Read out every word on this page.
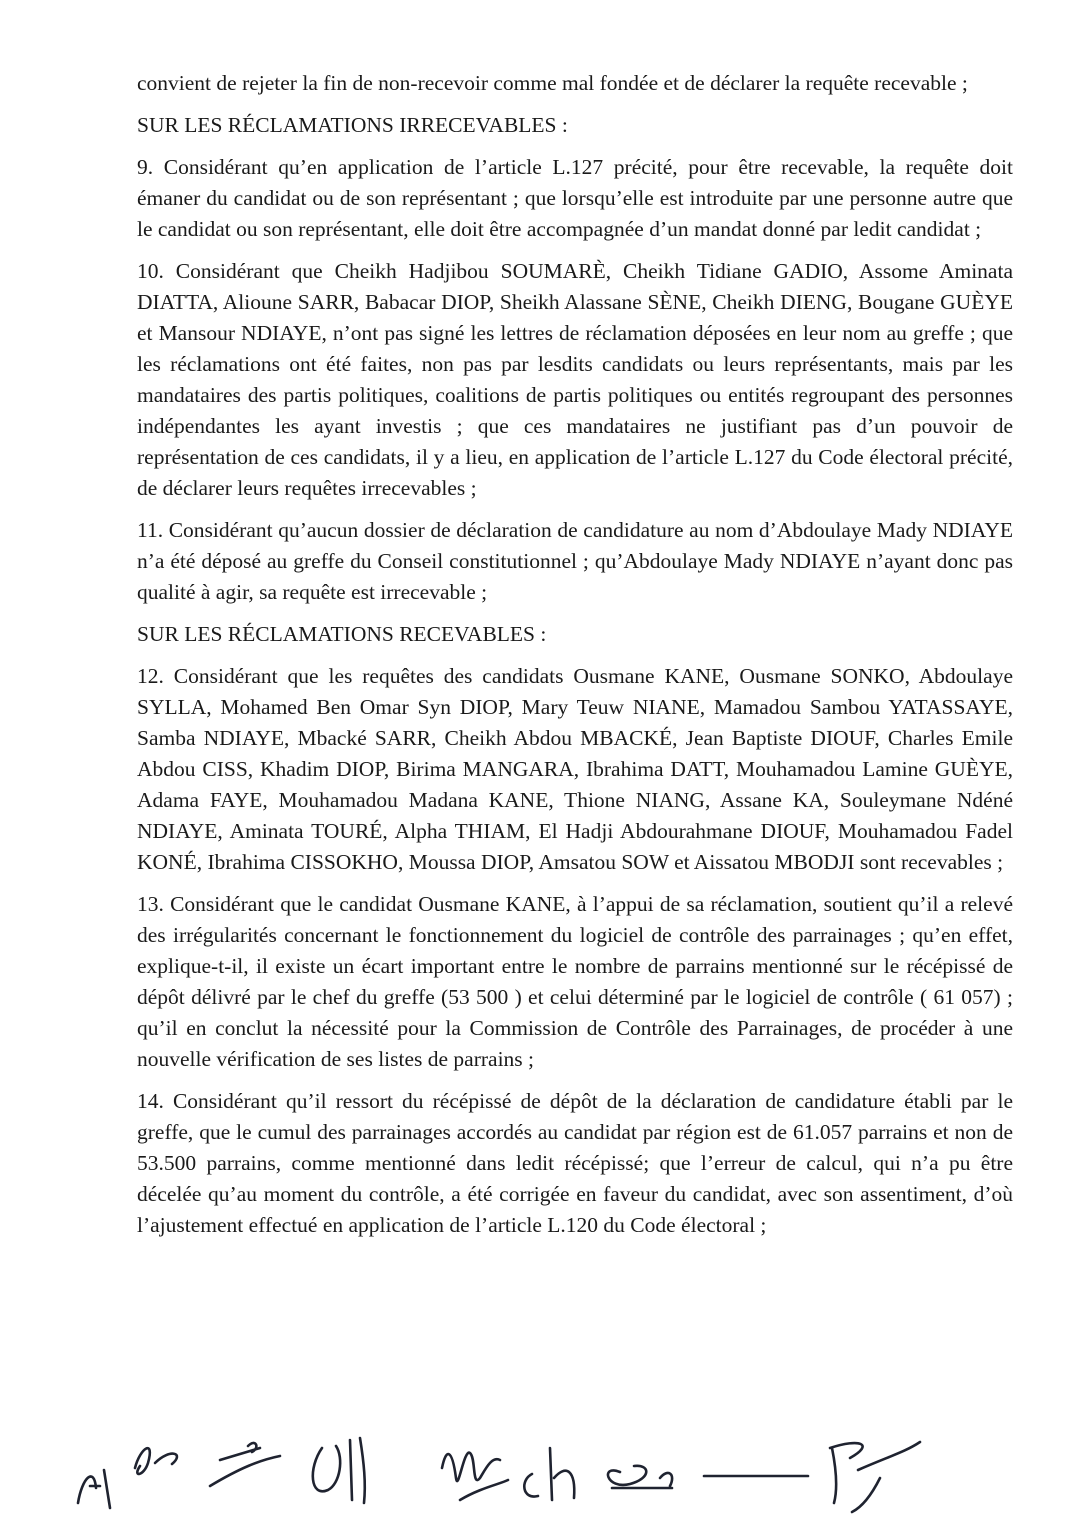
convient de rejeter la fin de non-recevoir comme mal fondée et de déclarer la requête recevable ;

SUR LES RÉCLAMATIONS IRRECEVABLES :

9. Considérant qu’en application de l’article L.127 précité, pour être recevable, la requête doit émaner du candidat ou de son représentant ; que lorsqu’elle est introduite par une personne autre que le candidat ou son représentant, elle doit être accompagnée d’un mandat donné par ledit candidat ;

10. Considérant que Cheikh Hadjibou SOUMARÈ, Cheikh Tidiane GADIO, Assome Aminata DIATTA, Alioune SARR, Babacar DIOP, Sheikh Alassane SÈNE, Cheikh DIENG, Bougane GUÈYE et Mansour NDIAYE, n’ont pas signé les lettres de réclamation déposées en leur nom au greffe ; que les réclamations ont été faites, non pas par lesdits candidats ou leurs représentants, mais par les mandataires des partis politiques, coalitions de partis politiques ou entités regroupant des personnes indépendantes les ayant investis ; que ces mandataires ne justifiant pas d’un pouvoir de représentation de ces candidats, il y a lieu, en application de l’article L.127 du Code électoral précité, de déclarer leurs requêtes irrecevables ;

11. Considérant qu’aucun dossier de déclaration de candidature au nom d’Abdoulaye Mady NDIAYE n’a été déposé au greffe du Conseil constitutionnel ; qu’Abdoulaye Mady NDIAYE n’ayant donc pas qualité à agir, sa requête est irrecevable ;

SUR LES RÉCLAMATIONS RECEVABLES :

12. Considérant que les requêtes des candidats Ousmane KANE, Ousmane SONKO, Abdoulaye SYLLA, Mohamed Ben Omar Syn DIOP, Mary Teuw NIANE, Mamadou Sambou YATASSAYE, Samba NDIAYE, Mbacké SARR, Cheikh Abdou MBACKÉ, Jean Baptiste DIOUF, Charles Emile Abdou CISS, Khadim DIOP, Birima MANGARA, Ibrahima DATT, Mouhamadou Lamine GUÈYE, Adama FAYE, Mouhamadou Madana KANE, Thione NIANG, Assane KA, Souleymane Ndéné NDIAYE, Aminata TOURÉ, Alpha THIAM, El Hadji Abdourahmane DIOUF, Mouhamadou Fadel KONÉ, Ibrahima CISSOKHO, Moussa DIOP, Amsatou SOW et Aissatou MBODJI sont recevables ;

13. Considérant que le candidat Ousmane KANE, à l’appui de sa réclamation, soutient qu’il a relevé des irrégularités concernant le fonctionnement du logiciel de contrôle des parrainages ; qu’en effet, explique-t-il, il existe un écart important entre le nombre de parrains mentionné sur le récépissé de dépôt délivré par le chef du greffe (53 500 ) et celui déterminé par le logiciel de contrôle ( 61 057) ; qu’il en conclut la nécessité pour la Commission de Contrôle des Parrainages, de procéder à une nouvelle vérification de ses listes de parrains ;

14. Considérant qu’il ressort du récépissé de dépôt de la déclaration de candidature établi par le greffe, que le cumul des parrainages accordés au candidat par région est de 61.057 parrains et non de 53.500 parrains, comme mentionné dans ledit récépissé; que l’erreur de calcul, qui n’a pu être décelée qu’au moment du contrôle, a été corrigée en faveur du candidat, avec son assentiment, d’où l’ajustement effectué en application de l’article L.120 du Code électoral ;
